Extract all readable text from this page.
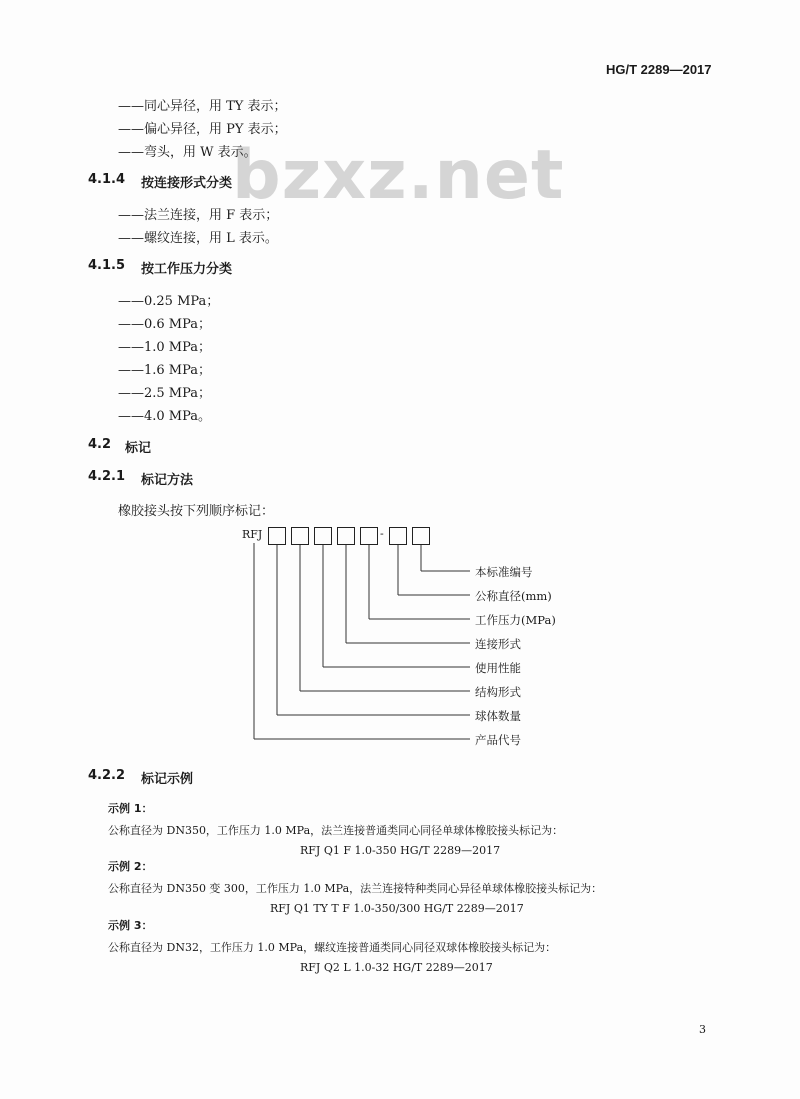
HG/T 2289—2017
bzxz.net
——同心异径，用 TY 表示；
——偏心异径，用 PY 表示；
——弯头，用 W 表示。
4.1.4 按连接形式分类
——法兰连接，用 F 表示；
——螺纹连接，用 L 表示。
4.1.5 按工作压力分类
——0.25 MPa；
——0.6 MPa；
——1.0 MPa；
——1.6 MPa；
——2.5 MPa；
——4.0 MPa。
4.2 标记
4.2.1 标记方法
橡胶接头按下列顺序标记：
RFJ	-
本标准编号
公称直径(mm)
工作压力(MPa)
连接形式
使用性能
结构形式
球体数量
产品代号
4.2.2 标记示例
示例 1：
公称直径为 DN350，工作压力 1.0 MPa，法兰连接普通类同心同径单球体橡胶接头标记为：
RFJ Q1 F 1.0-350 HG/T 2289—2017
示例 2：
公称直径为 DN350 变 300，工作压力 1.0 MPa，法兰连接特种类同心异径单球体橡胶接头标记为：
RFJ Q1 TY T F 1.0-350/300 HG/T 2289—2017
示例 3：
公称直径为 DN32，工作压力 1.0 MPa，螺纹连接普通类同心同径双球体橡胶接头标记为：
RFJ Q2 L 1.0-32 HG/T 2289—2017
3
